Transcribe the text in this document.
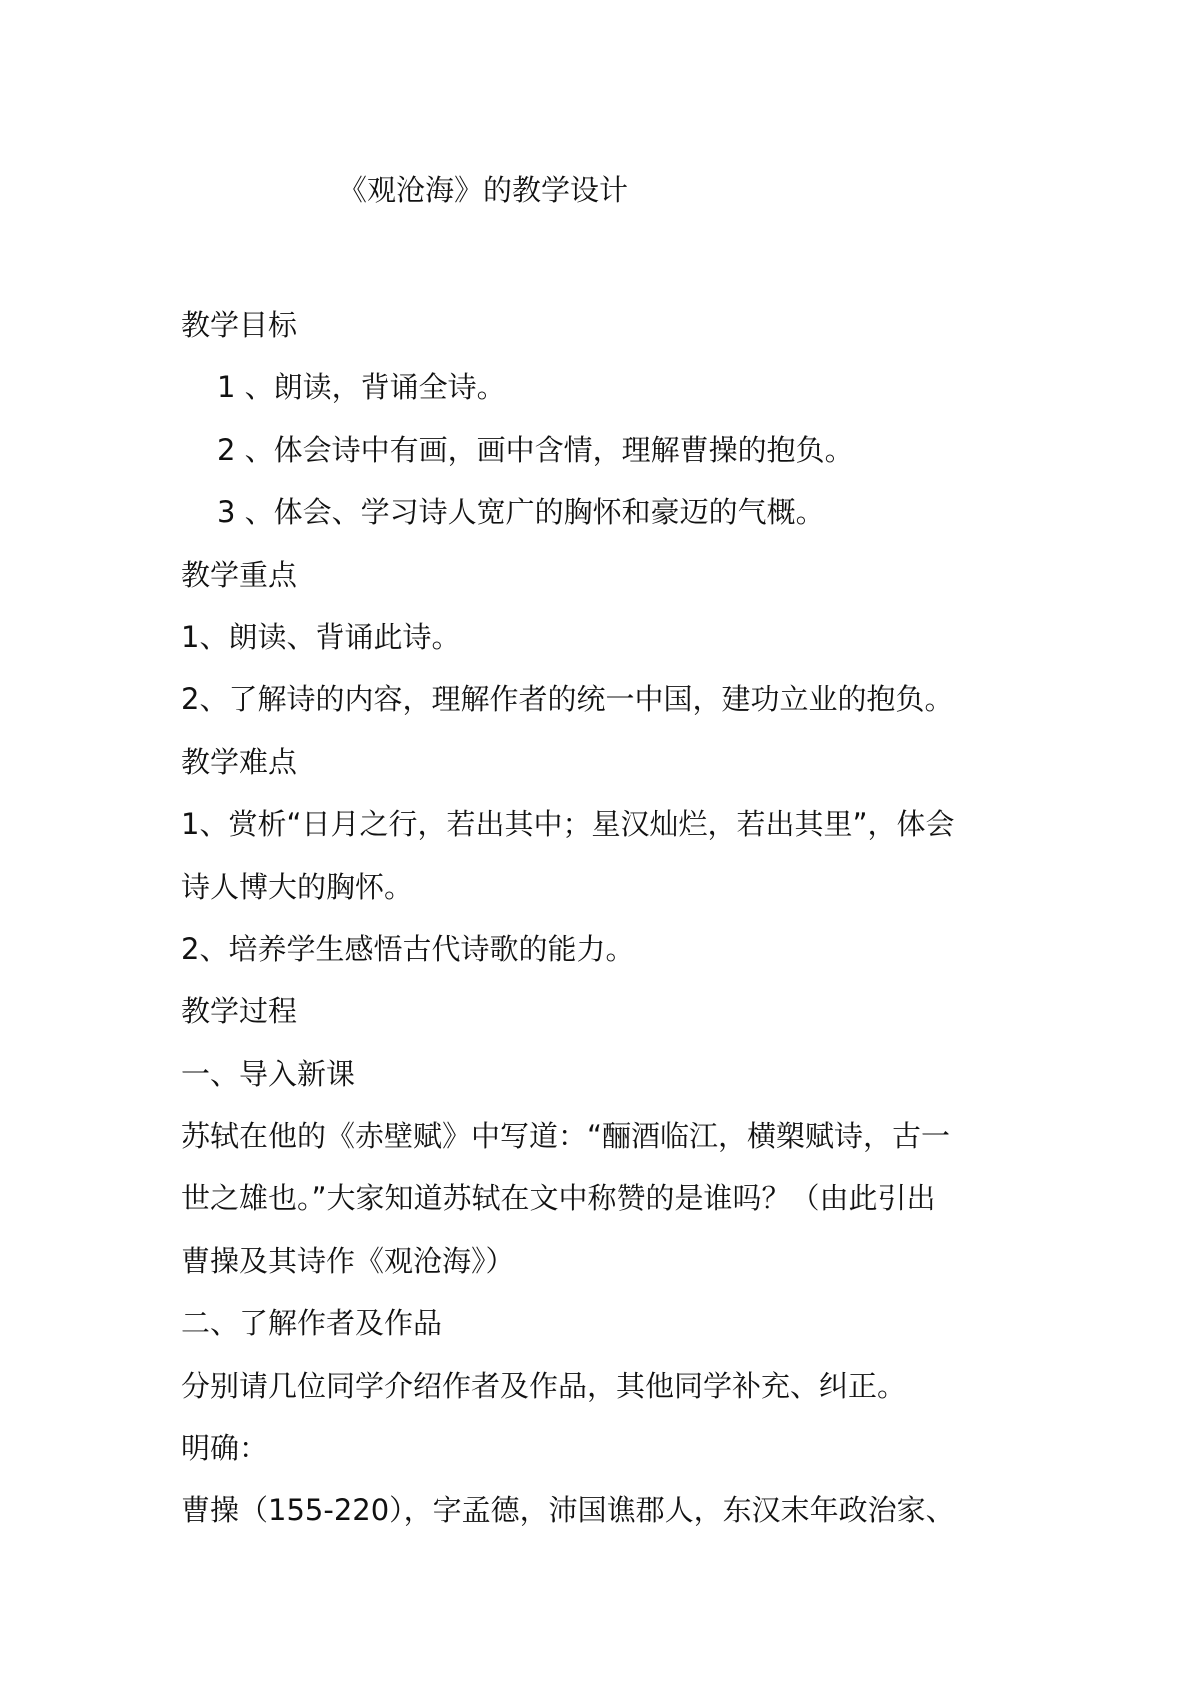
《观沧海》的教学设计
教学目标
1 、朗读，背诵全诗。
2 、体会诗中有画，画中含情，理解曹操的抱负。
3 、体会、学习诗人宽广的胸怀和豪迈的气概。
教学重点
1、朗读、背诵此诗。
2、了解诗的内容，理解作者的统一中国，建功立业的抱负。
教学难点
1、赏析“日月之行，若出其中；星汉灿烂，若出其里”，体会
诗人博大的胸怀。
2、培养学生感悟古代诗歌的能力。
教学过程
一、导入新课
苏轼在他的《赤壁赋》中写道：“酾酒临江，横槊赋诗，古一
世之雄也。”大家知道苏轼在文中称赞的是谁吗？（由此引出
曹操及其诗作《观沧海》）
二、了解作者及作品
分别请几位同学介绍作者及作品，其他同学补充、纠正。
明确：
曹操（155-220），字孟德，沛国谯郡人，东汉末年政治家、
